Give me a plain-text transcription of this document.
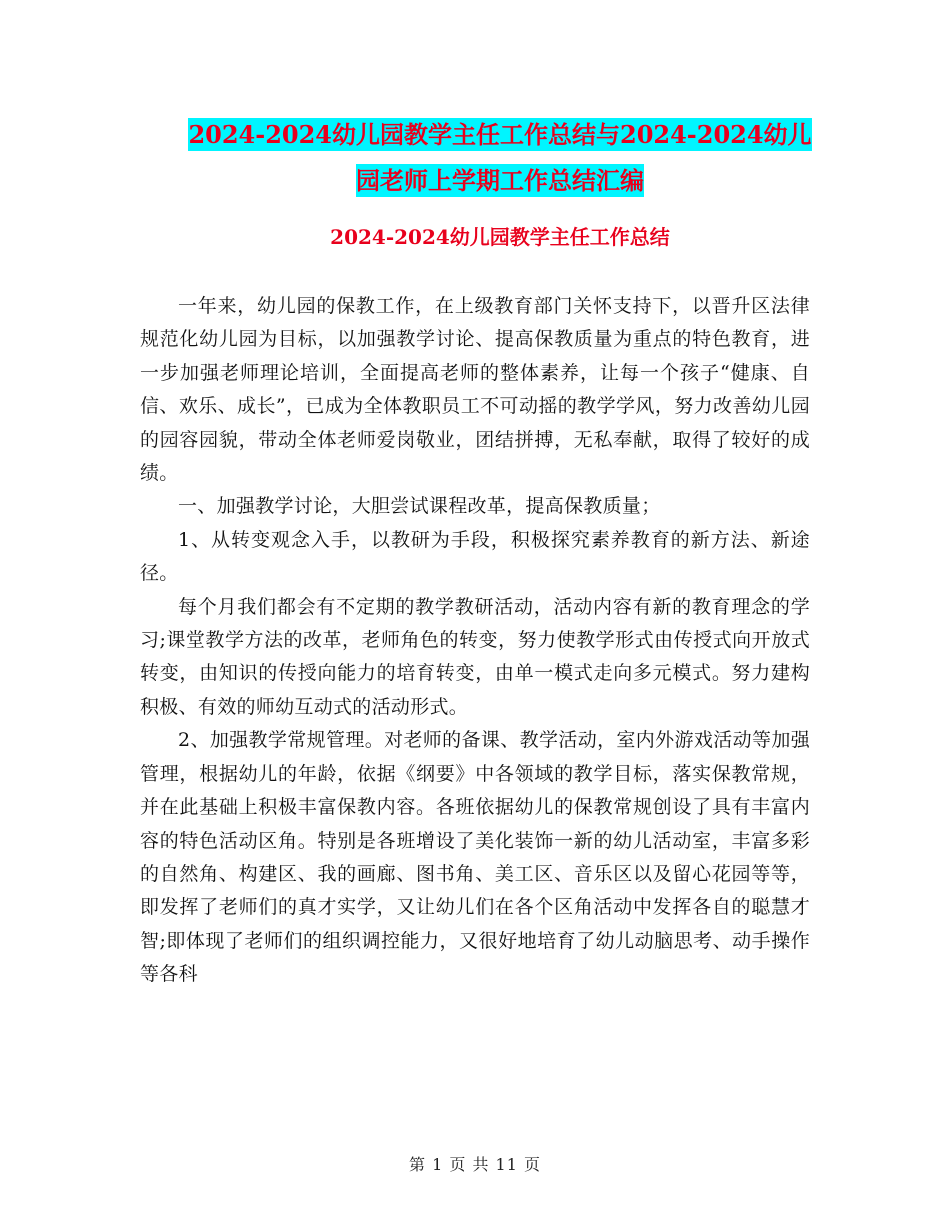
2024-2024幼儿园教学主任工作总结与2024-2024幼儿
园老师上学期工作总结汇编
2024-2024幼儿园教学主任工作总结

一年来，幼儿园的保教工作，在上级教育部门关怀支持下，以晋升区法律规范化幼儿园为目标，以加强教学讨论、提高保教质量为重点的特色教育，进一步加强老师理论培训，全面提高老师的整体素养，让每一个孩子“健康、自信、欢乐、成长”，已成为全体教职员工不可动摇的教学学风，努力改善幼儿园的园容园貌，带动全体老师爱岗敬业，团结拼搏，无私奉献，取得了较好的成绩。

一、加强教学讨论，大胆尝试课程改革，提高保教质量；

1、从转变观念入手，以教研为手段，积极探究素养教育的新方法、新途径。

每个月我们都会有不定期的教学教研活动，活动内容有新的教育理念的学习;课堂教学方法的改革，老师角色的转变，努力使教学形式由传授式向开放式转变，由知识的传授向能力的培育转变，由单一模式走向多元模式。努力建构积极、有效的师幼互动式的活动形式。

2、加强教学常规管理。对老师的备课、教学活动，室内外游戏活动等加强管理，根据幼儿的年龄，依据《纲要》中各领域的教学目标，落实保教常规，并在此基础上积极丰富保教内容。各班依据幼儿的保教常规创设了具有丰富内容的特色活动区角。特别是各班增设了美化装饰一新的幼儿活动室，丰富多彩的自然角、构建区、我的画廊、图书角、美工区、音乐区以及留心花园等等，即发挥了老师们的真才实学，又让幼儿们在各个区角活动中发挥各自的聪慧才智;即体现了老师们的组织调控能力，又很好地培育了幼儿动脑思考、动手操作等各科

第 1 页 共 11 页
